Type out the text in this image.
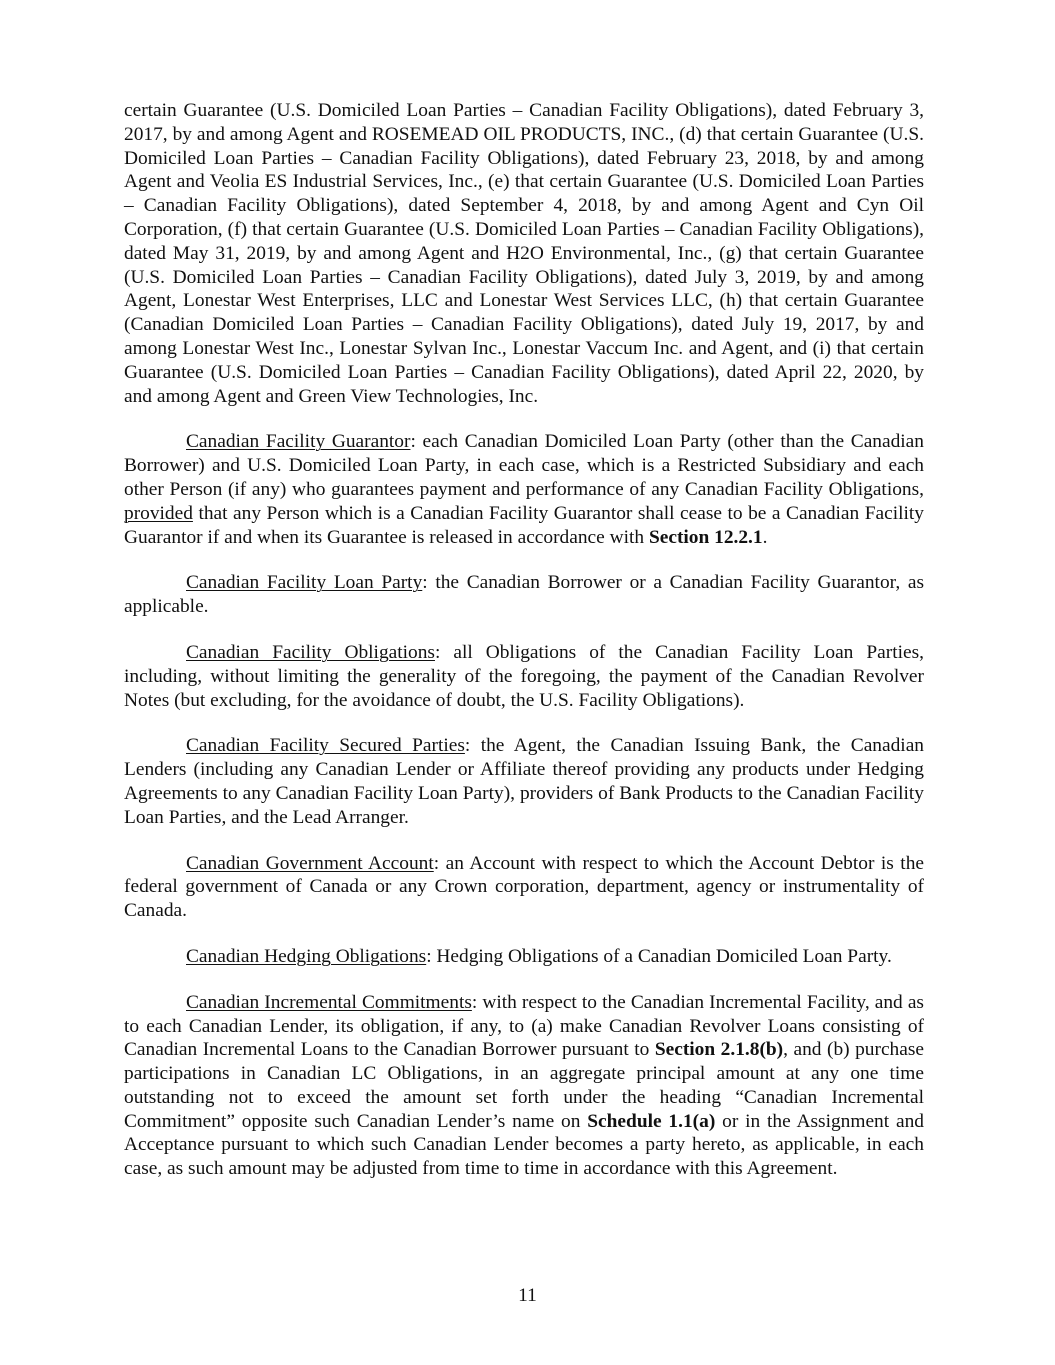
certain Guarantee (U.S. Domiciled Loan Parties – Canadian Facility Obligations), dated February 3, 2017, by and among Agent and ROSEMEAD OIL PRODUCTS, INC., (d) that certain Guarantee (U.S. Domiciled Loan Parties – Canadian Facility Obligations), dated February 23, 2018, by and among Agent and Veolia ES Industrial Services, Inc., (e) that certain Guarantee (U.S. Domiciled Loan Parties – Canadian Facility Obligations), dated September 4, 2018, by and among Agent and Cyn Oil Corporation, (f) that certain Guarantee (U.S. Domiciled Loan Parties – Canadian Facility Obligations), dated May 31, 2019, by and among Agent and H2O Environmental, Inc., (g) that certain Guarantee (U.S. Domiciled Loan Parties – Canadian Facility Obligations), dated July 3, 2019, by and among Agent, Lonestar West Enterprises, LLC and Lonestar West Services LLC, (h) that certain Guarantee (Canadian Domiciled Loan Parties – Canadian Facility Obligations), dated July 19, 2017, by and among Lonestar West Inc., Lonestar Sylvan Inc., Lonestar Vaccum Inc. and Agent, and (i) that certain Guarantee (U.S. Domiciled Loan Parties – Canadian Facility Obligations), dated April 22, 2020, by and among Agent and Green View Technologies, Inc.

Canadian Facility Guarantor: each Canadian Domiciled Loan Party (other than the Canadian Borrower) and U.S. Domiciled Loan Party, in each case, which is a Restricted Subsidiary and each other Person (if any) who guarantees payment and performance of any Canadian Facility Obligations, provided that any Person which is a Canadian Facility Guarantor shall cease to be a Canadian Facility Guarantor if and when its Guarantee is released in accordance with Section 12.2.1.

Canadian Facility Loan Party: the Canadian Borrower or a Canadian Facility Guarantor, as applicable.

Canadian Facility Obligations: all Obligations of the Canadian Facility Loan Parties, including, without limiting the generality of the foregoing, the payment of the Canadian Revolver Notes (but excluding, for the avoidance of doubt, the U.S. Facility Obligations).

Canadian Facility Secured Parties: the Agent, the Canadian Issuing Bank, the Canadian Lenders (including any Canadian Lender or Affiliate thereof providing any products under Hedging Agreements to any Canadian Facility Loan Party), providers of Bank Products to the Canadian Facility Loan Parties, and the Lead Arranger.

Canadian Government Account: an Account with respect to which the Account Debtor is the federal government of Canada or any Crown corporation, department, agency or instrumentality of Canada.

Canadian Hedging Obligations: Hedging Obligations of a Canadian Domiciled Loan Party.

Canadian Incremental Commitments: with respect to the Canadian Incremental Facility, and as to each Canadian Lender, its obligation, if any, to (a) make Canadian Revolver Loans consisting of Canadian Incremental Loans to the Canadian Borrower pursuant to Section 2.1.8(b), and (b) purchase participations in Canadian LC Obligations, in an aggregate principal amount at any one time outstanding not to exceed the amount set forth under the heading “Canadian Incremental Commitment” opposite such Canadian Lender’s name on Schedule 1.1(a) or in the Assignment and Acceptance pursuant to which such Canadian Lender becomes a party hereto, as applicable, in each case, as such amount may be adjusted from time to time in accordance with this Agreement.

11
